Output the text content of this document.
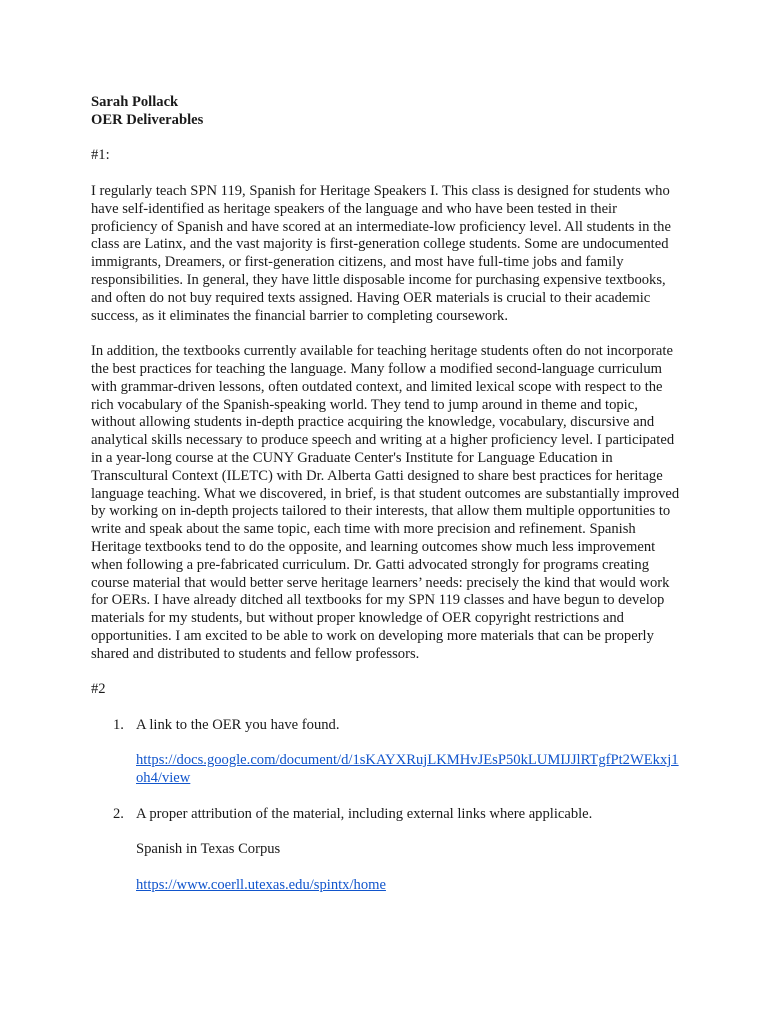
Sarah Pollack

OER Deliverables

#1:

I regularly teach SPN 119, Spanish for Heritage Speakers I. This class is designed for students who have self-identified as heritage speakers of the language and who have been tested in their proficiency of Spanish and have scored at an intermediate-low proficiency level. All students in the class are Latinx, and the vast majority is first-generation college students. Some are undocumented immigrants, Dreamers, or first-generation citizens, and most have full-time jobs and family responsibilities. In general, they have little disposable income for purchasing expensive textbooks, and often do not buy required texts assigned. Having OER materials is crucial to their academic success, as it eliminates the financial barrier to completing coursework.

In addition, the textbooks currently available for teaching heritage students often do not incorporate the best practices for teaching the language. Many follow a modified second-language curriculum with grammar-driven lessons, often outdated context, and limited lexical scope with respect to the rich vocabulary of the Spanish-speaking world. They tend to jump around in theme and topic, without allowing students in-depth practice acquiring the knowledge, vocabulary, discursive and analytical skills necessary to produce speech and writing at a higher proficiency level. I participated in a year-long course at the CUNY Graduate Center's Institute for Language Education in Transcultural Context (ILETC) with Dr. Alberta Gatti designed to share best practices for heritage language teaching. What we discovered, in brief, is that student outcomes are substantially improved by working on in-depth projects tailored to their interests, that allow them multiple opportunities to write and speak about the same topic, each time with more precision and refinement. Spanish Heritage textbooks tend to do the opposite, and learning outcomes show much less improvement when following a pre-fabricated curriculum. Dr. Gatti advocated strongly for programs creating course material that would better serve heritage learners’ needs: precisely the kind that would work for OERs. I have already ditched all textbooks for my SPN 119 classes and have begun to develop materials for my students, but without proper knowledge of OER copyright restrictions and opportunities. I am excited to be able to work on developing more materials that can be properly shared and distributed to students and fellow professors.

#2

1. A link to the OER you have found.
https://docs.google.com/document/d/1sKAYXRujLKMHvJEsP50kLUMIJJlRTgfPt2WEkxj1oh4/view
2. A proper attribution of the material, including external links where applicable.
Spanish in Texas Corpus
https://www.coerll.utexas.edu/spintx/home
